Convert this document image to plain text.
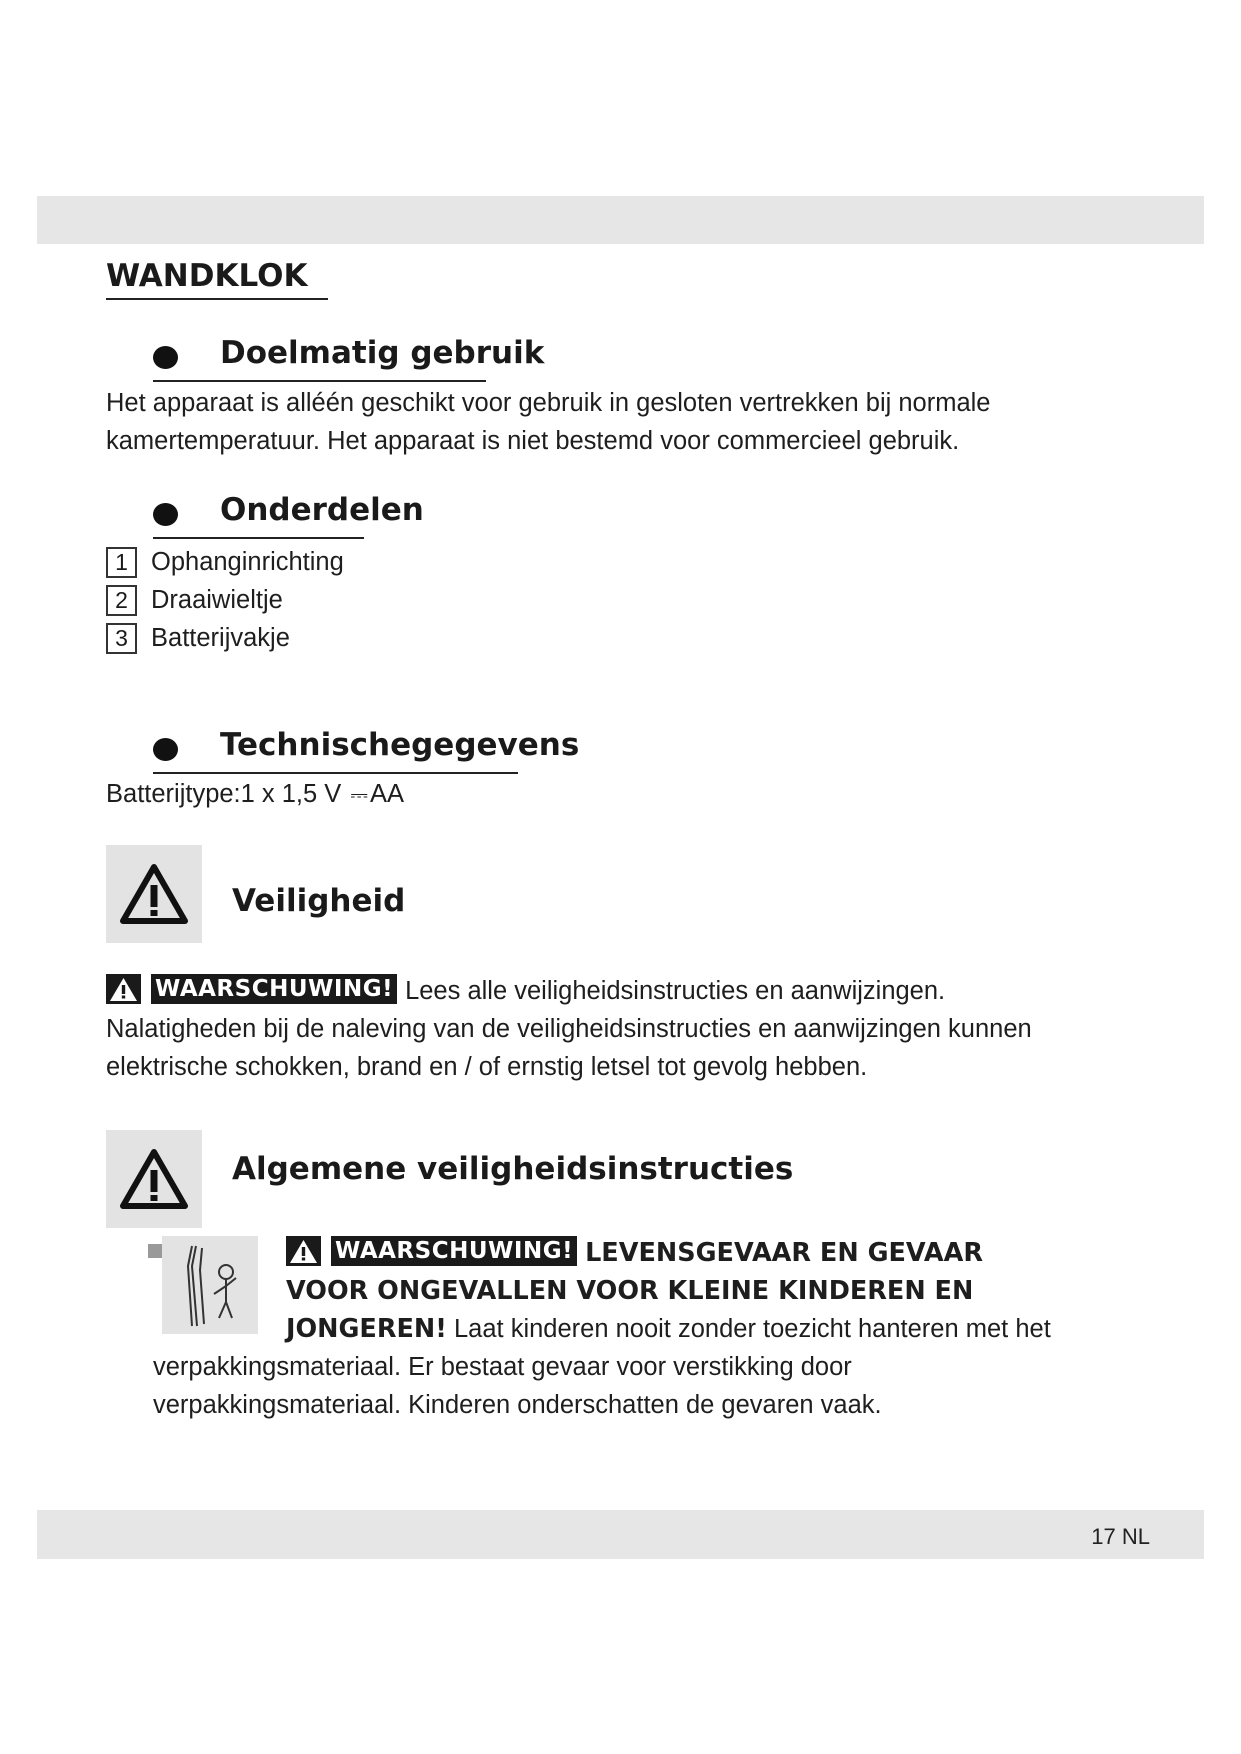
WANDKLOK
Doelmatig gebruik

Het apparaat is alléén geschikt voor gebruik in gesloten vertrekken bij normale
kamertemperatuur. Het apparaat is niet bestemd voor commercieel gebruik.

Onderdelen
1 Ophanginrichting
2 Draaiwieltje
3 Batterijvakje
Technischegegevens

Batterijtype:1 x 1,5 V ⎓AA

Veiligheid

WAARSCHUWING! Lees alle veiligheidsinstructies en aanwijzingen.
Nalatigheden bij de naleving van de veiligheidsinstructies en aanwijzingen kunnen
elektrische schokken, brand en / of ernstig letsel tot gevolg hebben.

Algemene veiligheidsinstructies

WAARSCHUWING! LEVENSGEVAAR EN GEVAAR
VOOR ONGEVALLEN VOOR KLEINE KINDEREN EN
JONGEREN! Laat kinderen nooit zonder toezicht hanteren met het

verpakkingsmateriaal. Er bestaat gevaar voor verstikking door
verpakkingsmateriaal. Kinderen onderschatten de gevaren vaak.

17 NL
